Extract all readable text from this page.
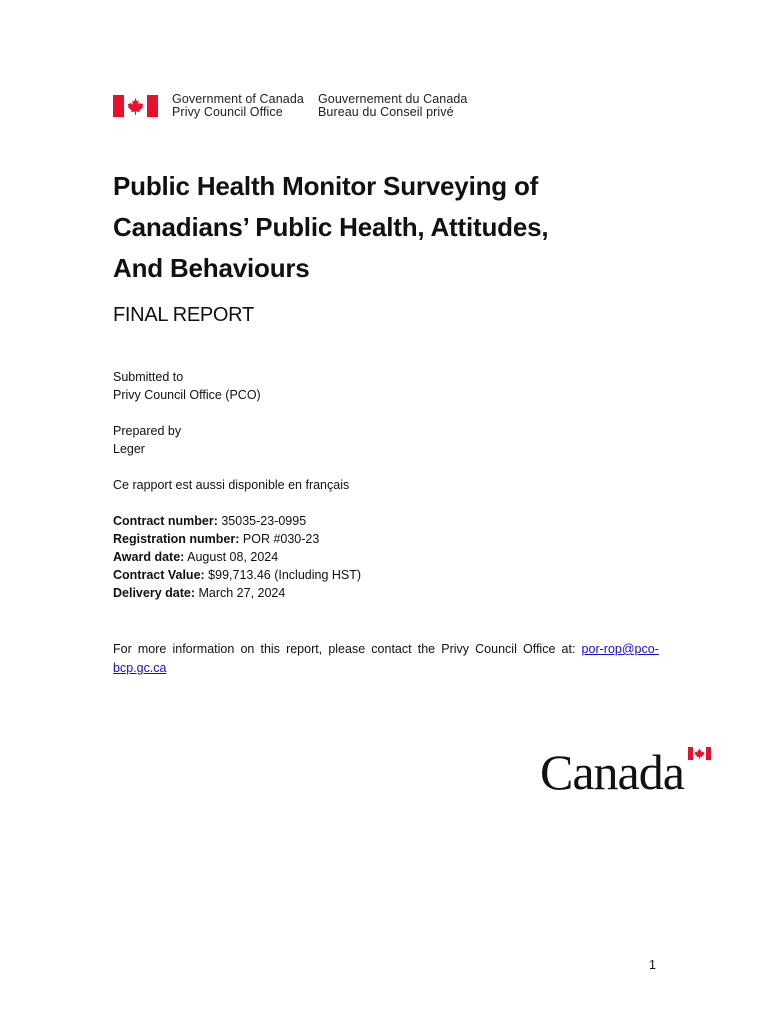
Government of Canada
Privy Council Office
Gouvernement du Canada
Bureau du Conseil privé
Public Health Monitor Surveying of
Canadians’ Public Health, Attitudes,
And Behaviours
FINAL REPORT
Submitted to
Privy Council Office (PCO)
Prepared by
Leger
Ce rapport est aussi disponible en français
Contract number: 35035-23-0995
Registration number: POR #030-23
Award date: August 08, 2024
Contract Value: $99,713.46 (Including HST)
Delivery date: March 27, 2024
For more information on this report, please contact the Privy Council Office at: por-rop@pco-
bcp.gc.ca
Canada
1
